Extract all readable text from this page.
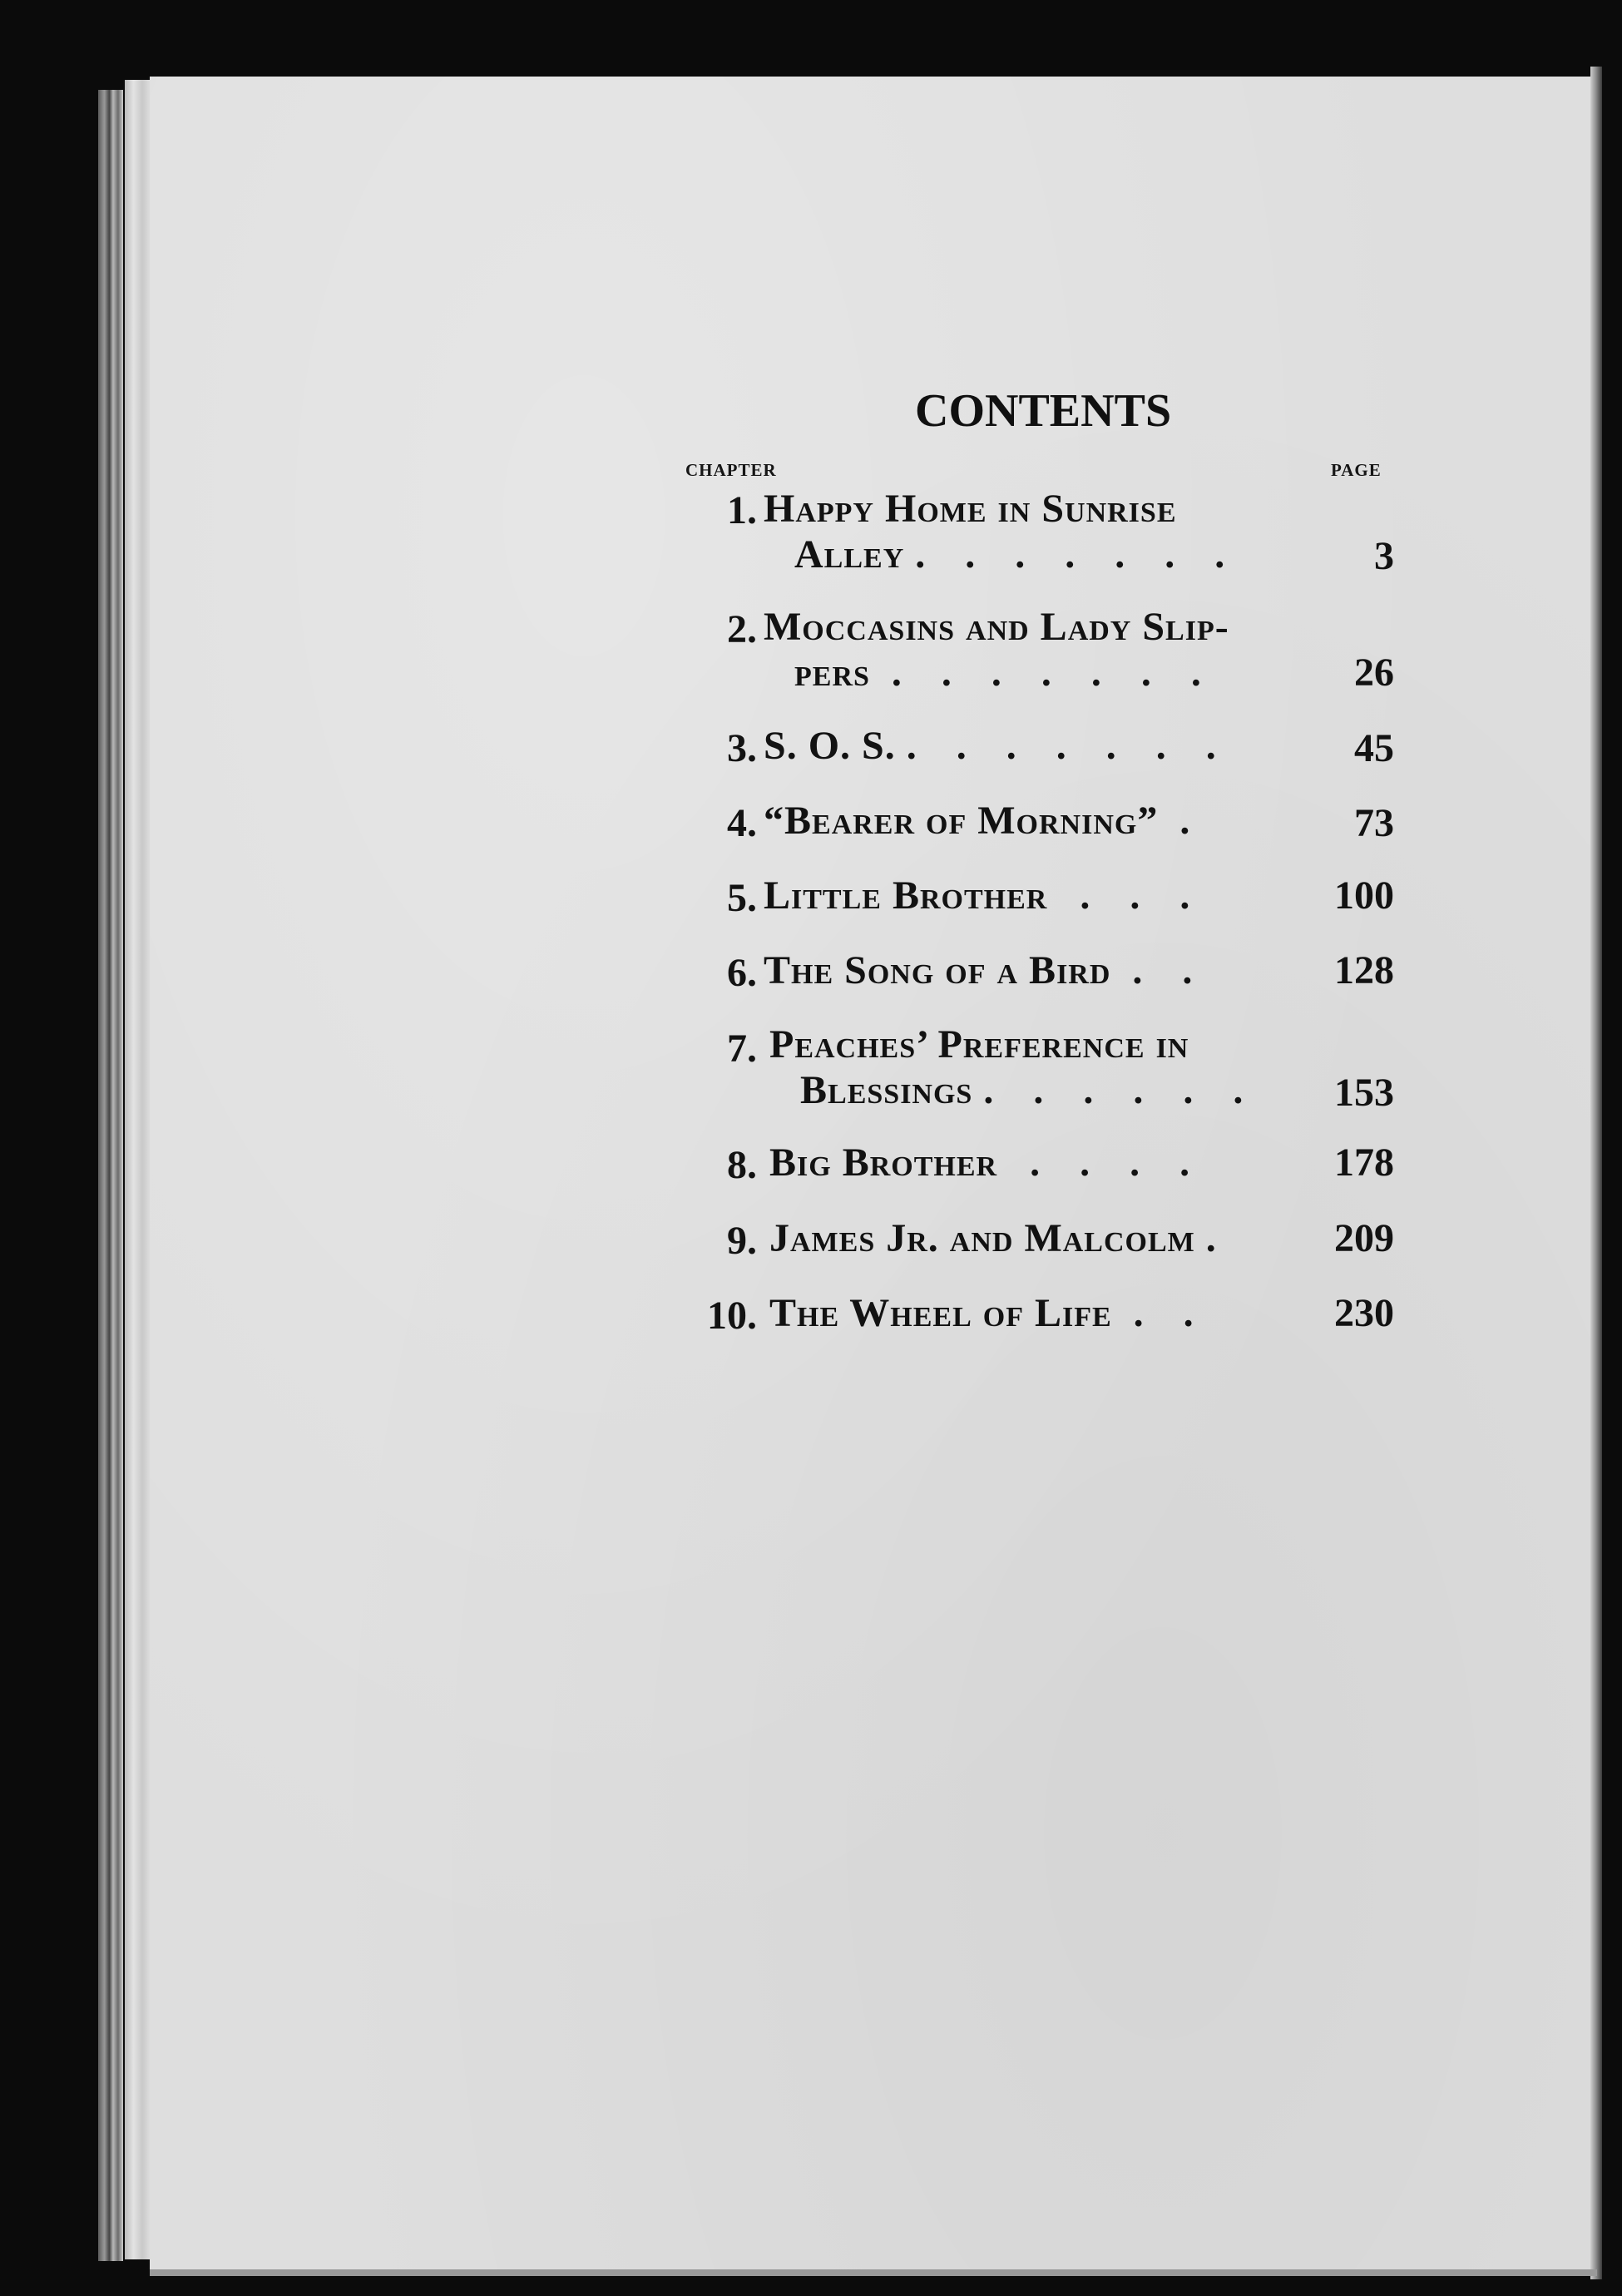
CONTENTS
CHAPTER	PAGE
1. Happy Home in Sunrise
Alley . . . . . . .	3
2. Moccasins and Lady Slip-
pers . . . . . . .	26
3. S. O. S. . . . . . . .	45
4. “Bearer of Morning” .	73
5. Little Brother . . .	100
6. The Song of a Bird . .	128
7. Peaches’ Preference in
Blessings . . . . . .	153
8. Big Brother . . . .	178
9. James Jr. and Malcolm .	209
10. The Wheel of Life . .	230
